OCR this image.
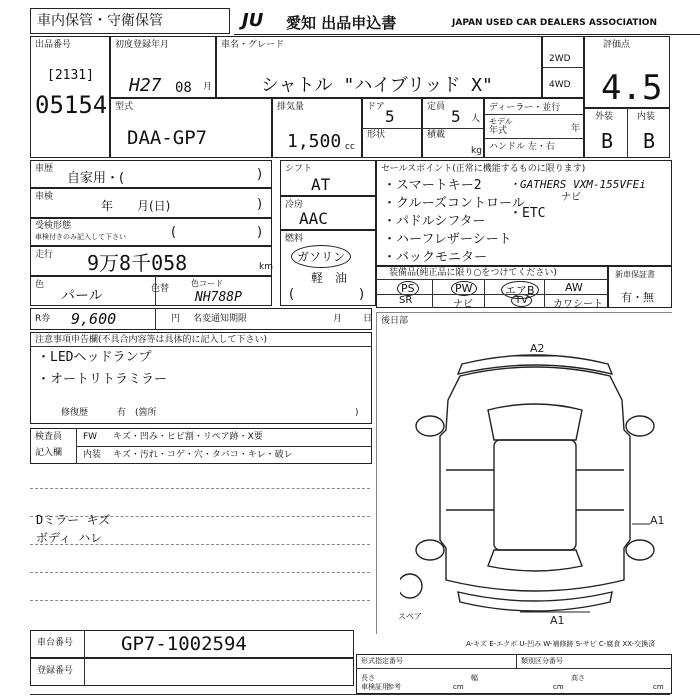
車内保管・守衛保管	JU 愛知 出品申込書	JAPAN USED CAR DEALERS ASSOCIATION
出品番号
[2131]
05154
初度登録年月
H27 08 月
車名・グレード
シャトル "ハイブリッド X"
2WD
4WD
評価点
4.5
外装	内装
B B
型式
DAA-GP7
排気量
1,500 cc
ドア 5
形状
定員 5 人
積載
kg
ディーラー・並行
モデル
年式	年
ハンドル 左・右
車歴
自家用・(	)
車検
年　　月(日)	)
受検形態
車検付きのみ記入して下さい	(	)
走行 9万8千058	km
色
パール	色替
色コード
NH788P
シフト
AT
冷房
AAC
燃料
ガソリン
軽　油
(	)
セールスポイント(正常に機能するものに限ります)
・スマートキー2
・クルーズコントロール
・パドルシフター
・ハーフレザーシート
・バックモニター
・GATHERS VXM-155VFEi
ナビ
・ETC
装備品(純正品に限り○をつけてください)
PS	PW	エアB	AW
SR	ナビ	TV	カワシート
新車保証書
有・無
R券 9,600	円 名変通知期限	月 日
注意事項申告欄(不具合内容等は具体的に記入して下さい)
・LEDヘッドランプ
・オートリトラミラー
修復歴	有 (箇所	)
検査員
記入欄
FW キズ・凹み・ヒビ割・リペア跡・X要
内装 キズ・汚れ・コゲ・穴・タバコ・キレ・破レ
Dミラー キズ
ボディ ハレ
後日部
A2
A1
A1
スペア
A-キズ E-エクボ U-凹み W-補修跡 S-サビ C-腐食 XX-交換済
車台番号	GP7-1002594
登録番号
形式指定番号	類別区分番号
長さ	幅	高さ
車検証用
参考	cm	cm	cm
